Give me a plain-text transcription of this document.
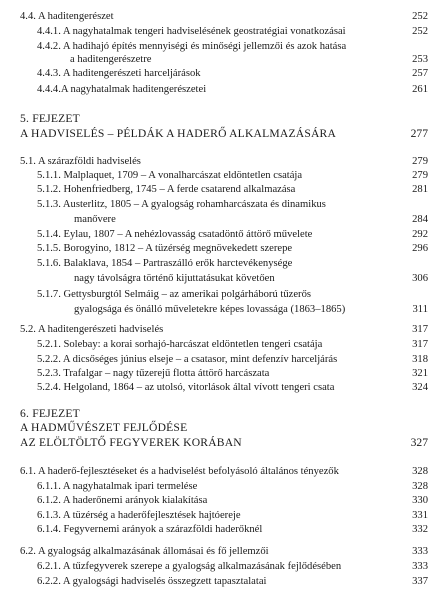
4.4. A haditengerészet	252
4.4.1. A nagyhatalmak tengeri hadviselésének geostratégiai vonatkozásai	252
4.4.2. A hadihajó építés mennyiségi és minőségi jellemzői és azok hatása
a haditengerészetre	253
4.4.3. A haditengerészeti harceljárások	257
4.4.4.A nagyhatalmak haditengerészetei	261
5. FEJEZET
A HADVISELÉS – PÉLDÁK A HADERŐ ALKALMAZÁSÁRA	277
5.1. A szárazföldi hadviselés	279
5.1.1. Malplaquet, 1709 – A vonalharcászat eldöntetlen csatája	279
5.1.2. Hohenfriedberg, 1745 – A ferde csatarend alkalmazása	281
5.1.3. Austerlitz, 1805 – A gyalogság rohamharcászata és dinamikus
manővere	284
5.1.4. Eylau, 1807 – A nehézlovasság csatadöntő áttörő művelete	292
5.1.5. Borogyino, 1812 – A tüzérség megnövekedett szerepe	296
5.1.6. Balaklava, 1854 – Partraszálló erők harctevékenysége
nagy távolságra történő kijuttatásukat követően	306
5.1.7. Gettysburgtól Selmáig – az amerikai polgárháború tűzerős
gyalogsága és önálló műveletekre képes lovassága (1863–1865)	311
5.2. A haditengerészeti hadviselés	317
5.2.1. Solebay: a korai sorhajó-harcászat eldöntetlen tengeri csatája	317
5.2.2. A dicsőséges június elseje – a csatasor, mint defenzív harceljárás	318
5.2.3. Trafalgar – nagy tűzerejű flotta áttörő harcászata	321
5.2.4. Helgoland, 1864 – az utolsó, vitorlások által vívott tengeri csata	324
6. FEJEZET
A HADMŰVÉSZET FEJLŐDÉSE
AZ ELÖLTÖLTŐ FEGYVEREK KORÁBAN	327
6.1. A haderő-fejlesztéseket és a hadviselést befolyásoló általános tényezők	328
6.1.1. A nagyhatalmak ipari termelése	328
6.1.2. A haderőnemi arányok kialakítása	330
6.1.3. A tüzérség a haderőfejlesztések hajtóereje	331
6.1.4. Fegyvernemi arányok a szárazföldi haderőknél	332
6.2. A gyalogság alkalmazásának állomásai és fő jellemzői	333
6.2.1. A tűzfegyverek szerepe a gyalogság alkalmazásának fejlődésében	333
6.2.2. A gyalogsági hadviselés összegzett tapasztalatai	337
